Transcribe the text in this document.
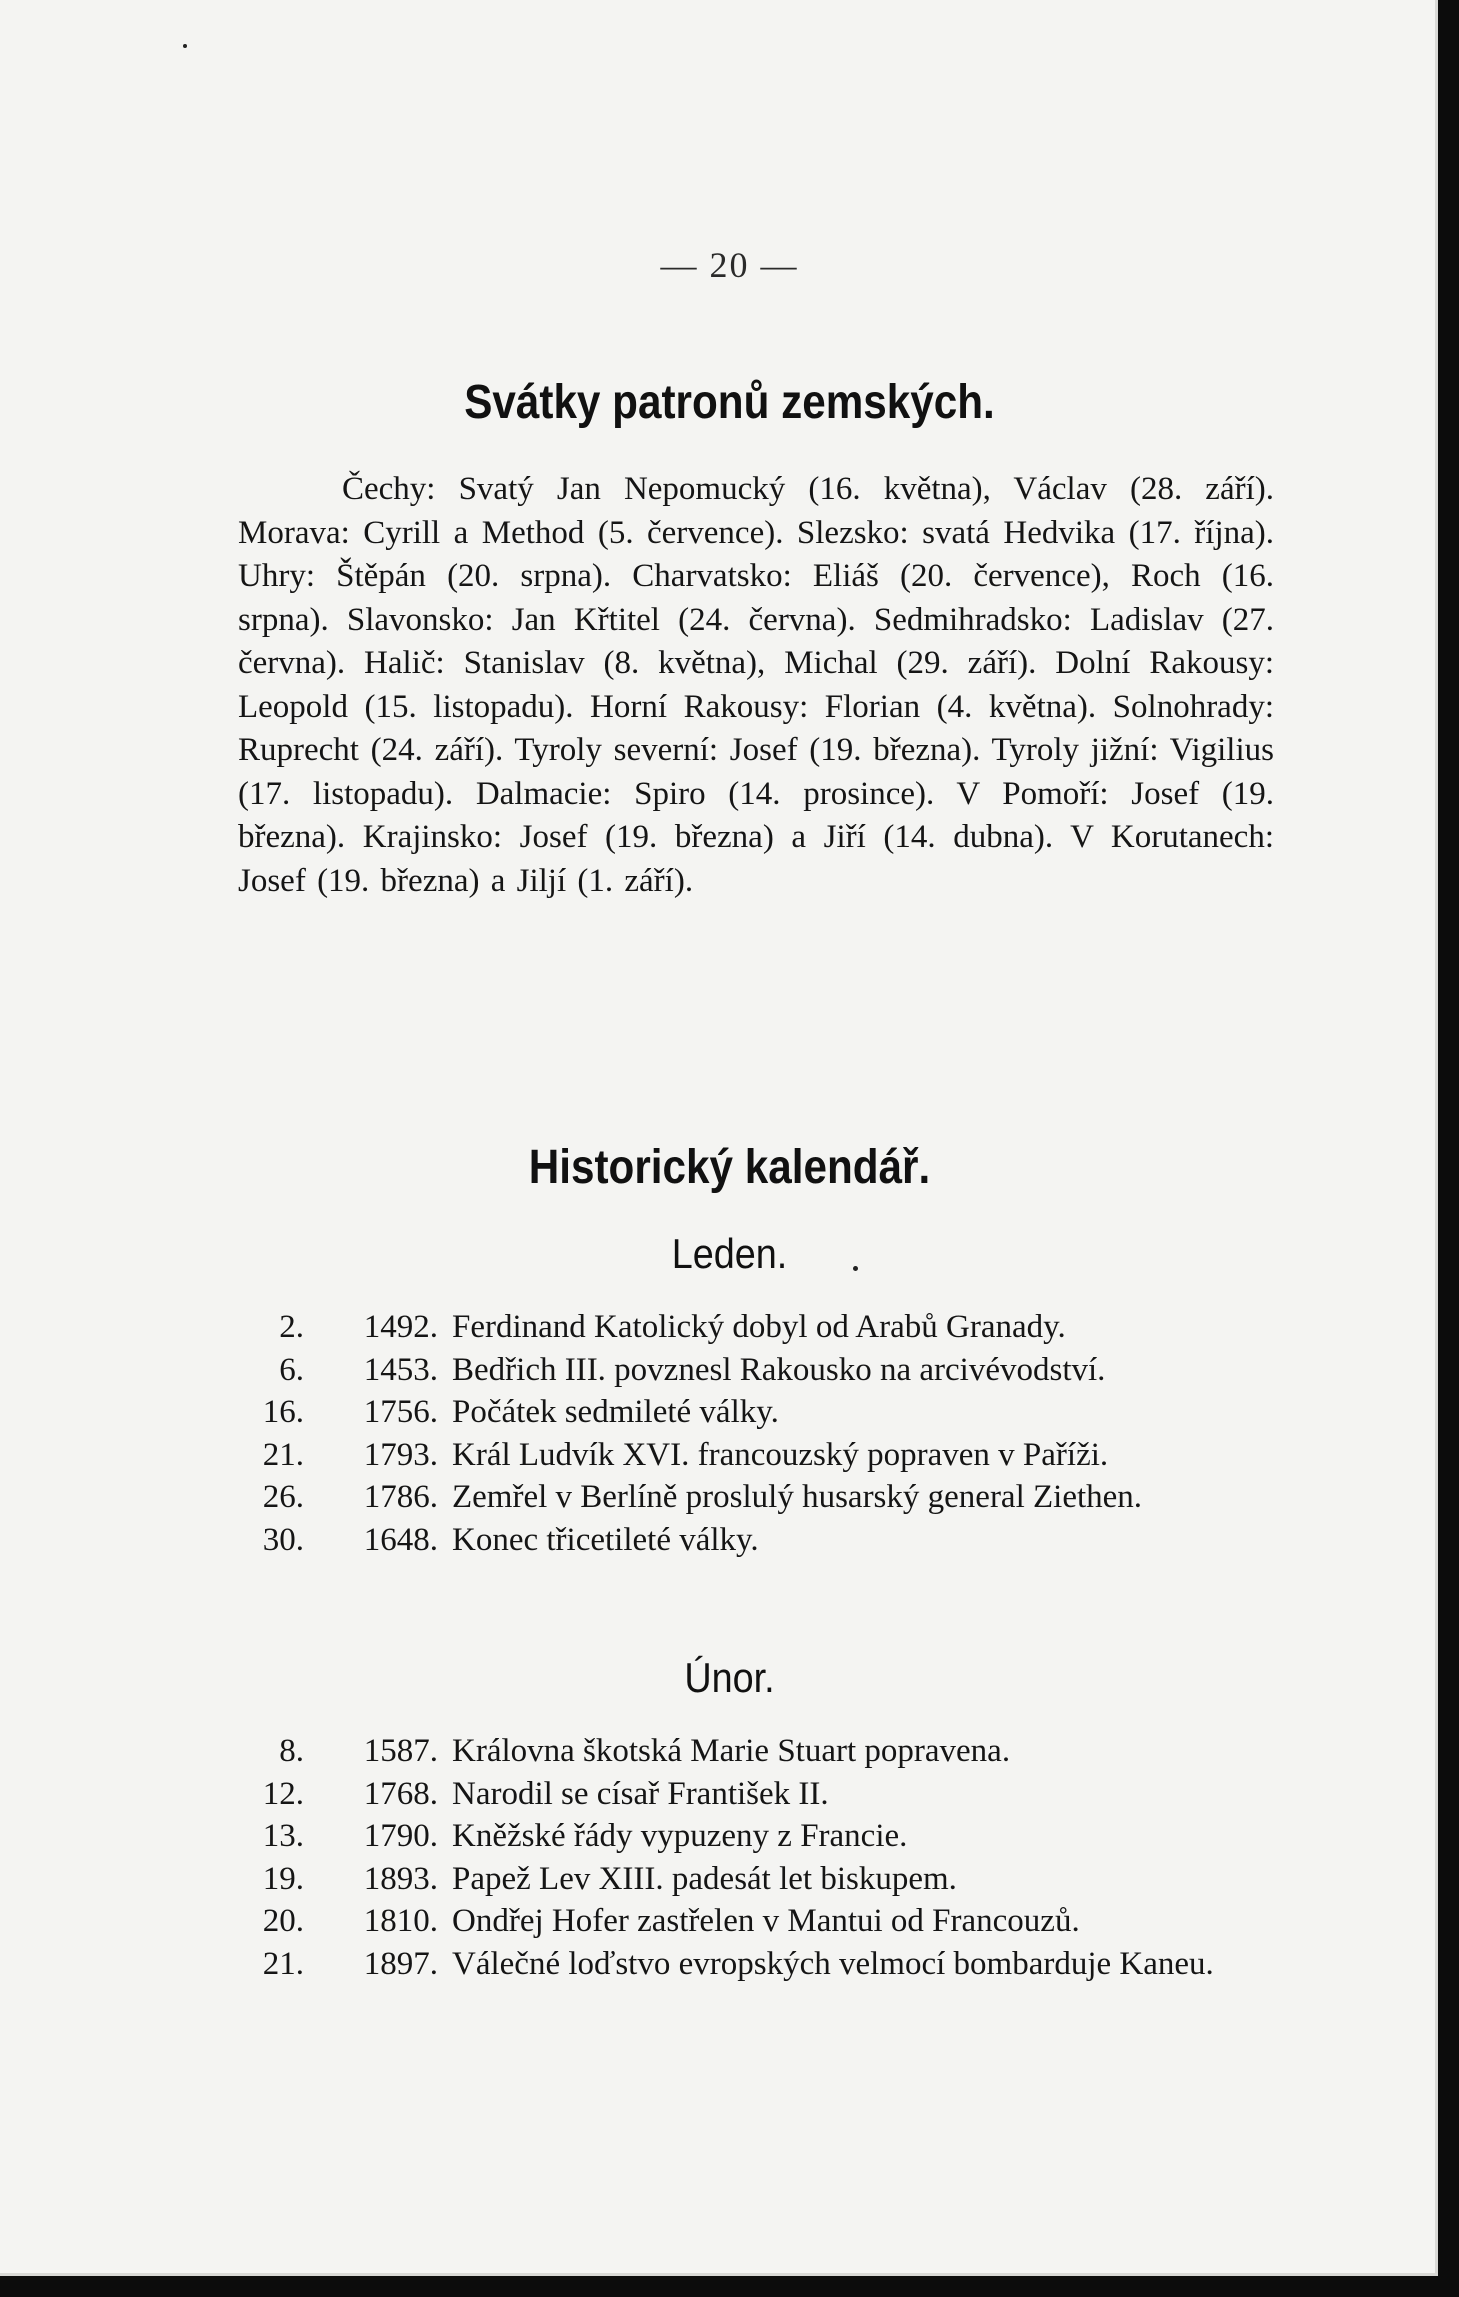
— 20 —
Svátky patronů zemských.
Čechy: Svatý Jan Nepomucký (16. května), Václav (28. září). Morava: Cyrill a Method (5. července). Slezsko: svatá Hedvika (17. října). Uhry: Štěpán (20. srpna). Charvatsko: Eliáš (20. července), Roch (16. srpna). Slavonsko: Jan Křtitel (24. června). Sedmihradsko: Ladislav (27. června). Halič: Stanislav (8. května), Michal (29. září). Dolní Rakousy: Leopold (15. listopadu). Horní Rakousy: Florian (4. května). Solnohrady: Ruprecht (24. září). Tyroly severní: Josef (19. března). Tyroly jižní: Vigilius (17. listopadu). Dalmacie: Spiro (14. prosince). V Pomoří: Josef (19. března). Krajinsko: Josef (19. března) a Jiří (14. dubna). V Korutanech: Josef (19. března) a Jiljí (1. září).
Historický kalendář.
Leden.
2.	1492. Ferdinand Katolický dobyl od Arabů Granady.
6.	1453. Bedřich III. povznesl Rakousko na arcivévodství.
16.	1756. Počátek sedmileté války.
21.	1793. Král Ludvík XVI. francouzský popraven v Paříži.
26.	1786. Zemřel v Berlíně proslulý husarský general Ziethen.
30.	1648. Konec třicetileté války.
Únor.
8.	1587. Královna škotská Marie Stuart popravena.
12.	1768. Narodil se císař František II.
13.	1790. Kněžské řády vypuzeny z Francie.
19.	1893. Papež Lev XIII. padesát let biskupem.
20.	1810. Ondřej Hofer zastřelen v Mantui od Francouzů.
21.	1897. Válečné loďstvo evropských velmocí bombarduje Kaneu.
